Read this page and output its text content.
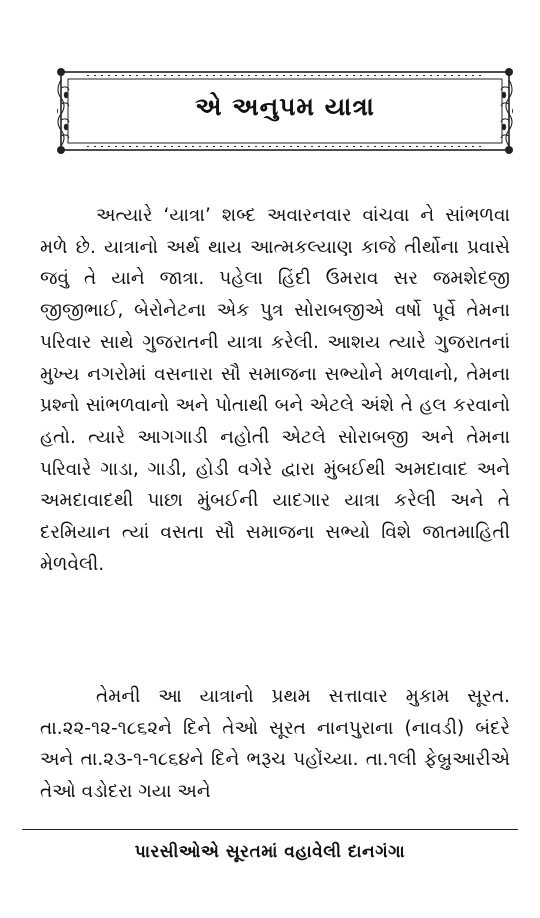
એ અનુપમ યાત્રા

અત્યારે ‘યાત્રા’ શબ્દ અવારનવાર વાંચવા ને સાંભળવા મળે છે. યાત્રાનો અર્થ થાય આત્મકલ્યાણ કાજે તીર્થોના પ્રવાસે જવું તે યાને જાત્રા. પહેલા હિંદી ઉમરાવ સર જમશેદજી જીજીભાઈ, બેરોનેટના એક પુત્ર સોરાબજીએ વર્ષો પૂર્વે તેમના પરિવાર સાથે ગુજરાતની યાત્રા કરેલી. આશય ત્યારે ગુજરાતનાં મુખ્ય નગરોમાં વસનારા સૌ સમાજના સભ્યોને મળવાનો, તેમના પ્રશ્નો સાંભળવાનો અને પોતાથી બને એટલે અંશે તે હલ કરવાનો હતો. ત્યારે આગગાડી નહોતી એટલે સોરાબજી અને તેમના પરિવારે ગાડા, ગાડી, હોડી વગેરે દ્વારા મુંબઈથી અમદાવાદ અને અમદાવાદથી પાછા મુંબઈની યાદગાર યાત્રા કરેલી અને તે દરમિયાન ત્યાં વસતા સૌ સમાજના સભ્યો વિશે જાતમાહિતી મેળવેલી.

તેમની આ યાત્રાનો પ્રથમ સત્તાવાર મુકામ સૂરત. તા.૨૨-૧૨-૧૮૬૨ને દિને તેઓ સૂરત નાનપુરાના (નાવડી) બંદરે અને તા.૨૩-૧-૧૮૬૪ને દિને ભરૂચ પહોંચ્યા. તા.૧લી ફેબ્રુઆરીએ તેઓ વડોદરા ગયા અને

પારસીઓએ સૂરતમાં વહાવેલી દાનગંગા
